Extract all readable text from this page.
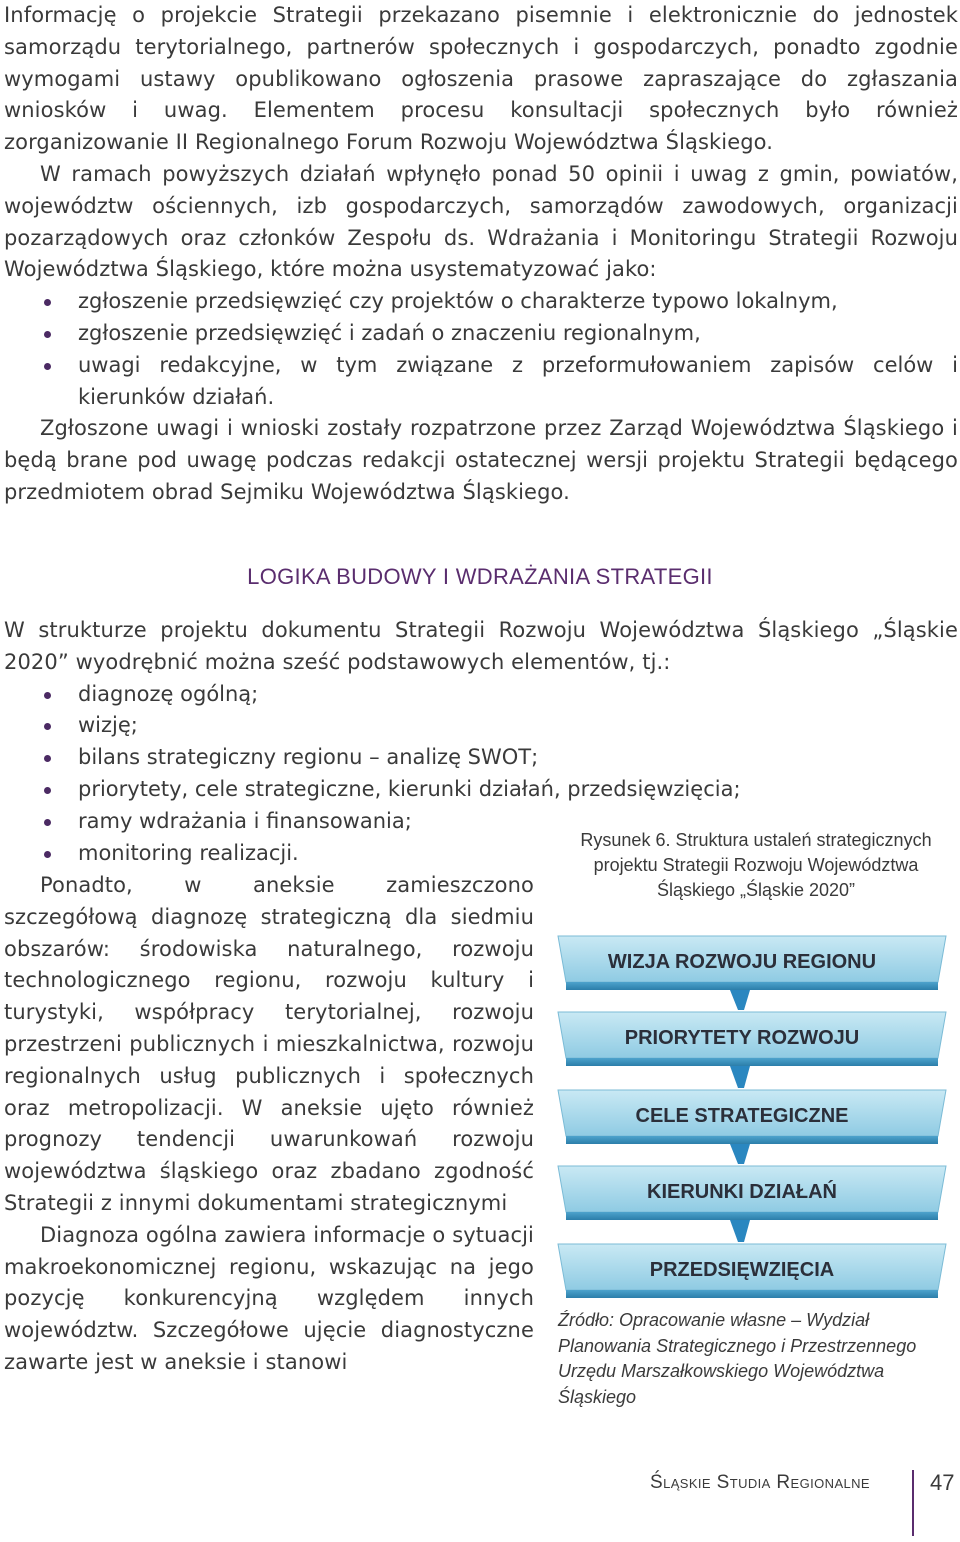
Informację o projekcie Strategii przekazano pisemnie i elektronicznie do jednostek samorządu terytorialnego, partnerów społecznych i gospodarczych, ponadto zgodnie wymogami ustawy opublikowano ogłoszenia prasowe zapraszające do zgłaszania wniosków i uwag. Elementem procesu konsultacji społecznych było również zorganizowanie II Regionalnego Forum Rozwoju Województwa Śląskiego.

W ramach powyższych działań wpłynęło ponad 50 opinii i uwag z gmin, powiatów, województw ościennych, izb gospodarczych, samorządów zawodowych, organizacji pozarządowych oraz członków Zespołu ds. Wdrażania i Monitoringu Strategii Rozwoju Województwa Śląskiego, które można usystematyzować jako:

zgłoszenie przedsięwzięć czy projektów o charakterze typowo lokalnym,

zgłoszenie przedsięwzięć i zadań o znaczeniu regionalnym,

uwagi redakcyjne, w tym związane z przeformułowaniem zapisów celów i kierunków działań.

Zgłoszone uwagi i wnioski zostały rozpatrzone przez Zarząd Województwa Śląskiego i będą brane pod uwagę podczas redakcji ostatecznej wersji projektu Strategii będącego przedmiotem obrad Sejmiku Województwa Śląskiego.

LOGIKA BUDOWY I WDRAŻANIA STRATEGII

W strukturze projektu dokumentu Strategii Rozwoju Województwa Śląskiego „Śląskie 2020” wyodrębnić można sześć podstawowych elementów, tj.:

diagnozę ogólną;

wizję;

bilans strategiczny regionu – analizę SWOT;

priorytety, cele strategiczne, kierunki działań, przedsięwzięcia;

ramy wdrażania i finansowania;

monitoring realizacji.

Ponadto, w aneksie zamieszczono szczegółową diagnozę strategiczną dla siedmiu obszarów: środowiska naturalnego, rozwoju technologicznego regionu, rozwoju kultury i turystyki, współpracy terytorialnej, rozwoju przestrzeni publicznych i mieszkalnictwa, rozwoju regionalnych usług publicznych i społecznych oraz metropolizacji. W aneksie ujęto również prognozy tendencji uwarunkowań rozwoju województwa śląskiego oraz zbadano zgodność Strategii z innymi dokumentami strategicznymi

Diagnoza ogólna zawiera informacje o sytuacji makroekonomicznej regionu, wskazując na jego pozycję konkurencyjną względem innych województw. Szczegółowe ujęcie diagnostyczne zawarte jest w aneksie i stanowi

Rysunek 6. Struktura ustaleń strategicznych projektu Strategii Rozwoju Województwa Śląskiego „Śląskie 2020”
WIZJA ROZWOJU REGIONU
PRIORYTETY ROZWOJU
CELE STRATEGICZNE
KIERUNKI DZIAŁAŃ
PRZEDSIĘWZIĘCIA
Źródło: Opracowanie własne – Wydział Planowania Strategicznego i Przestrzennego Urzędu Marszałkowskiego Województwa Śląskiego
Śląskie Studia Regionalne	47
